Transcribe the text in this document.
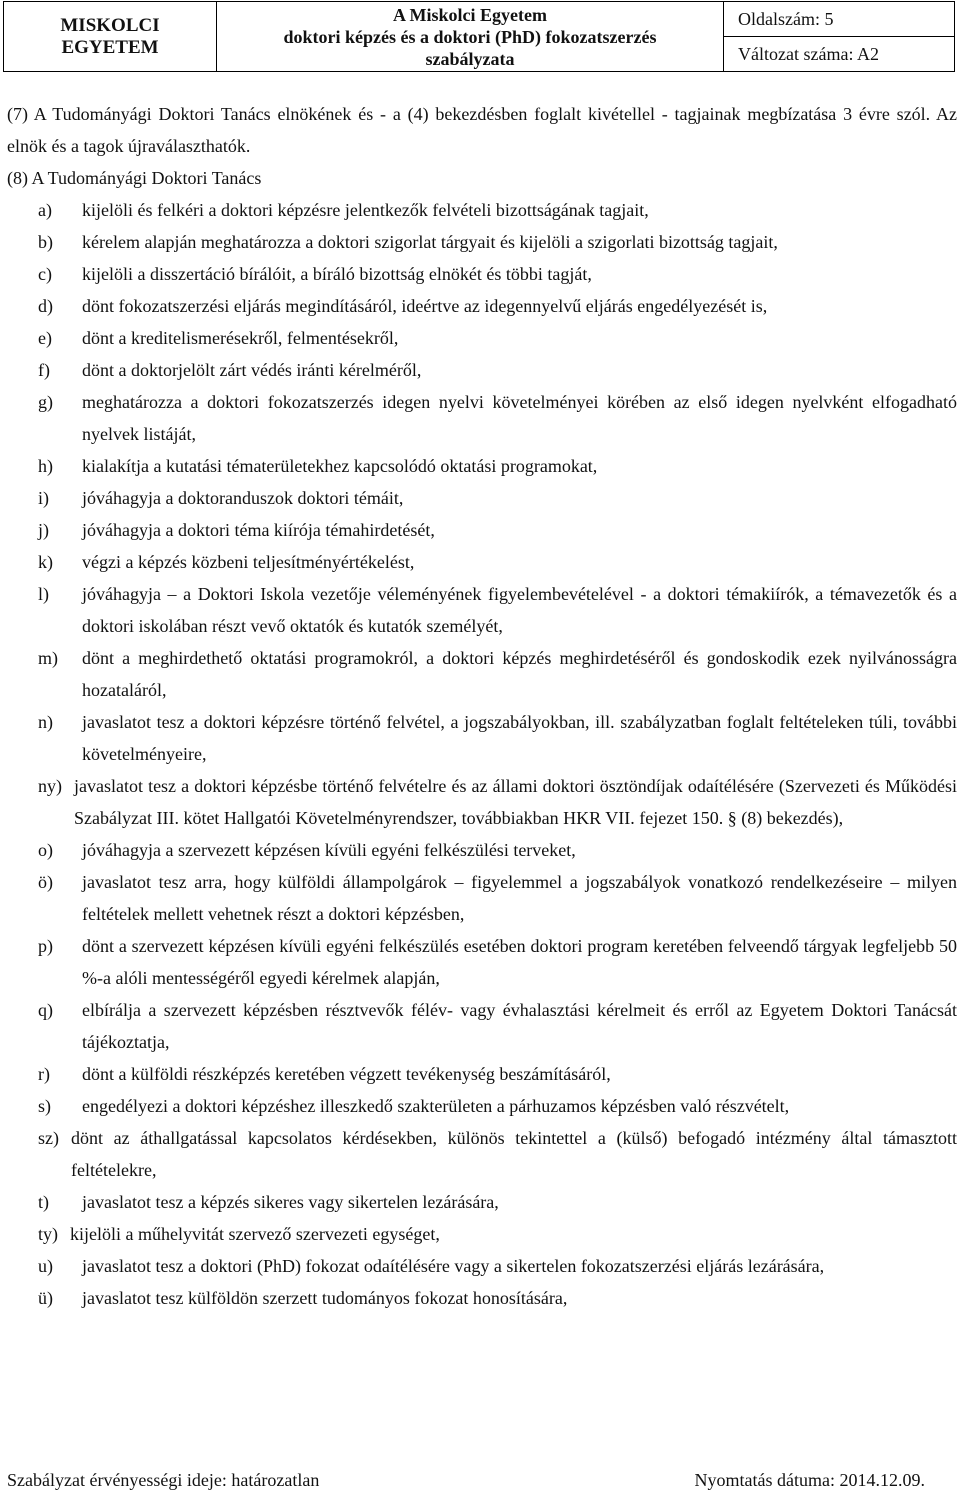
MISKOLCI EGYETEM	
A Miskolci Egyetem
doktori képzés és a doktori (PhD) fokozatszerzés
szabályzata
	Oldalszám: 5
Változat száma: A2

(7) A Tudományági Doktori Tanács elnökének és - a (4) bekezdésben foglalt kivétellel - tagjainak megbízatása 3 évre szól. Az elnök és a tagok újraválaszthatók.

(8) A Tudományági Doktori Tanács

a)	kijelöli és felkéri a doktori képzésre jelentkezők felvételi bizottságának tagjait,
b)	kérelem alapján meghatározza a doktori szigorlat tárgyait és kijelöli a szigorlati bizottság tagjait,
c)	kijelöli a disszertáció bírálóit, a bíráló bizottság elnökét és többi tagját,
d)	dönt fokozatszerzési eljárás megindításáról, ideértve az idegennyelvű eljárás engedélyezését is,
e)	dönt a kreditelismerésekről, felmentésekről,
f)	dönt a doktorjelölt zárt védés iránti kérelméről,
g)	meghatározza a doktori fokozatszerzés idegen nyelvi követelményei körében az első idegen nyelvként elfogadható nyelvek listáját,
h)	kialakítja a kutatási tématerületekhez kapcsolódó oktatási programokat,
i)	jóváhagyja a doktoranduszok doktori témáit,
j)	jóváhagyja a doktori téma kiírója témahirdetését,
k)	végzi a képzés közbeni teljesítményértékelést,
l)	jóváhagyja – a Doktori Iskola vezetője véleményének figyelembevételével - a doktori témakiírók, a témavezetők és a doktori iskolában részt vevő oktatók és kutatók személyét,
m)	dönt a meghirdethető oktatási programokról, a doktori képzés meghirdetéséről és gondoskodik ezek nyilvánosságra hozataláról,
n)	javaslatot tesz a doktori képzésre történő felvétel, a jogszabályokban, ill. szabályzatban foglalt feltételeken túli, további követelményeire,
ny) javaslatot tesz a doktori képzésbe történő felvételre és az állami doktori ösztöndíjak odaítélésére (Szervezeti és Működési Szabályzat III. kötet Hallgatói Követelményrendszer, továbbiakban HKR VII. fejezet 150. § (8) bekezdés),
o)	jóváhagyja a szervezett képzésen kívüli egyéni felkészülési terveket,
ö)	javaslatot tesz arra, hogy külföldi állampolgárok – figyelemmel a jogszabályok vonatkozó rendelkezéseire – milyen feltételek mellett vehetnek részt a doktori képzésben,
p)	dönt a szervezett képzésen kívüli egyéni felkészülés esetében doktori program keretében felveendő tárgyak legfeljebb 50 %-a alóli mentességéről egyedi kérelmek alapján,
q)	elbírálja a szervezett képzésben résztvevők félév- vagy évhalasztási kérelmeit és erről az Egyetem Doktori Tanácsát tájékoztatja,
r)	dönt a külföldi részképzés keretében végzett tevékenység beszámításáról,
s)	engedélyezi a doktori képzéshez illeszkedő szakterületen a párhuzamos képzésben való részvételt,
sz) dönt az áthallgatással kapcsolatos kérdésekben, különös tekintettel a (külső) befogadó intézmény által támasztott feltételekre,
t)	javaslatot tesz a képzés sikeres vagy sikertelen lezárására,
ty) kijelöli a műhelyvitát szervező szervezeti egységet,
u)	javaslatot tesz a doktori (PhD) fokozat odaítélésére vagy a sikertelen fokozatszerzési eljárás lezárására,
ü)	javaslatot tesz külföldön szerzett tudományos fokozat honosítására,
Szabályzat érvényességi ideje: határozatlan	Nyomtatás dátuma: 2014.12.09.
